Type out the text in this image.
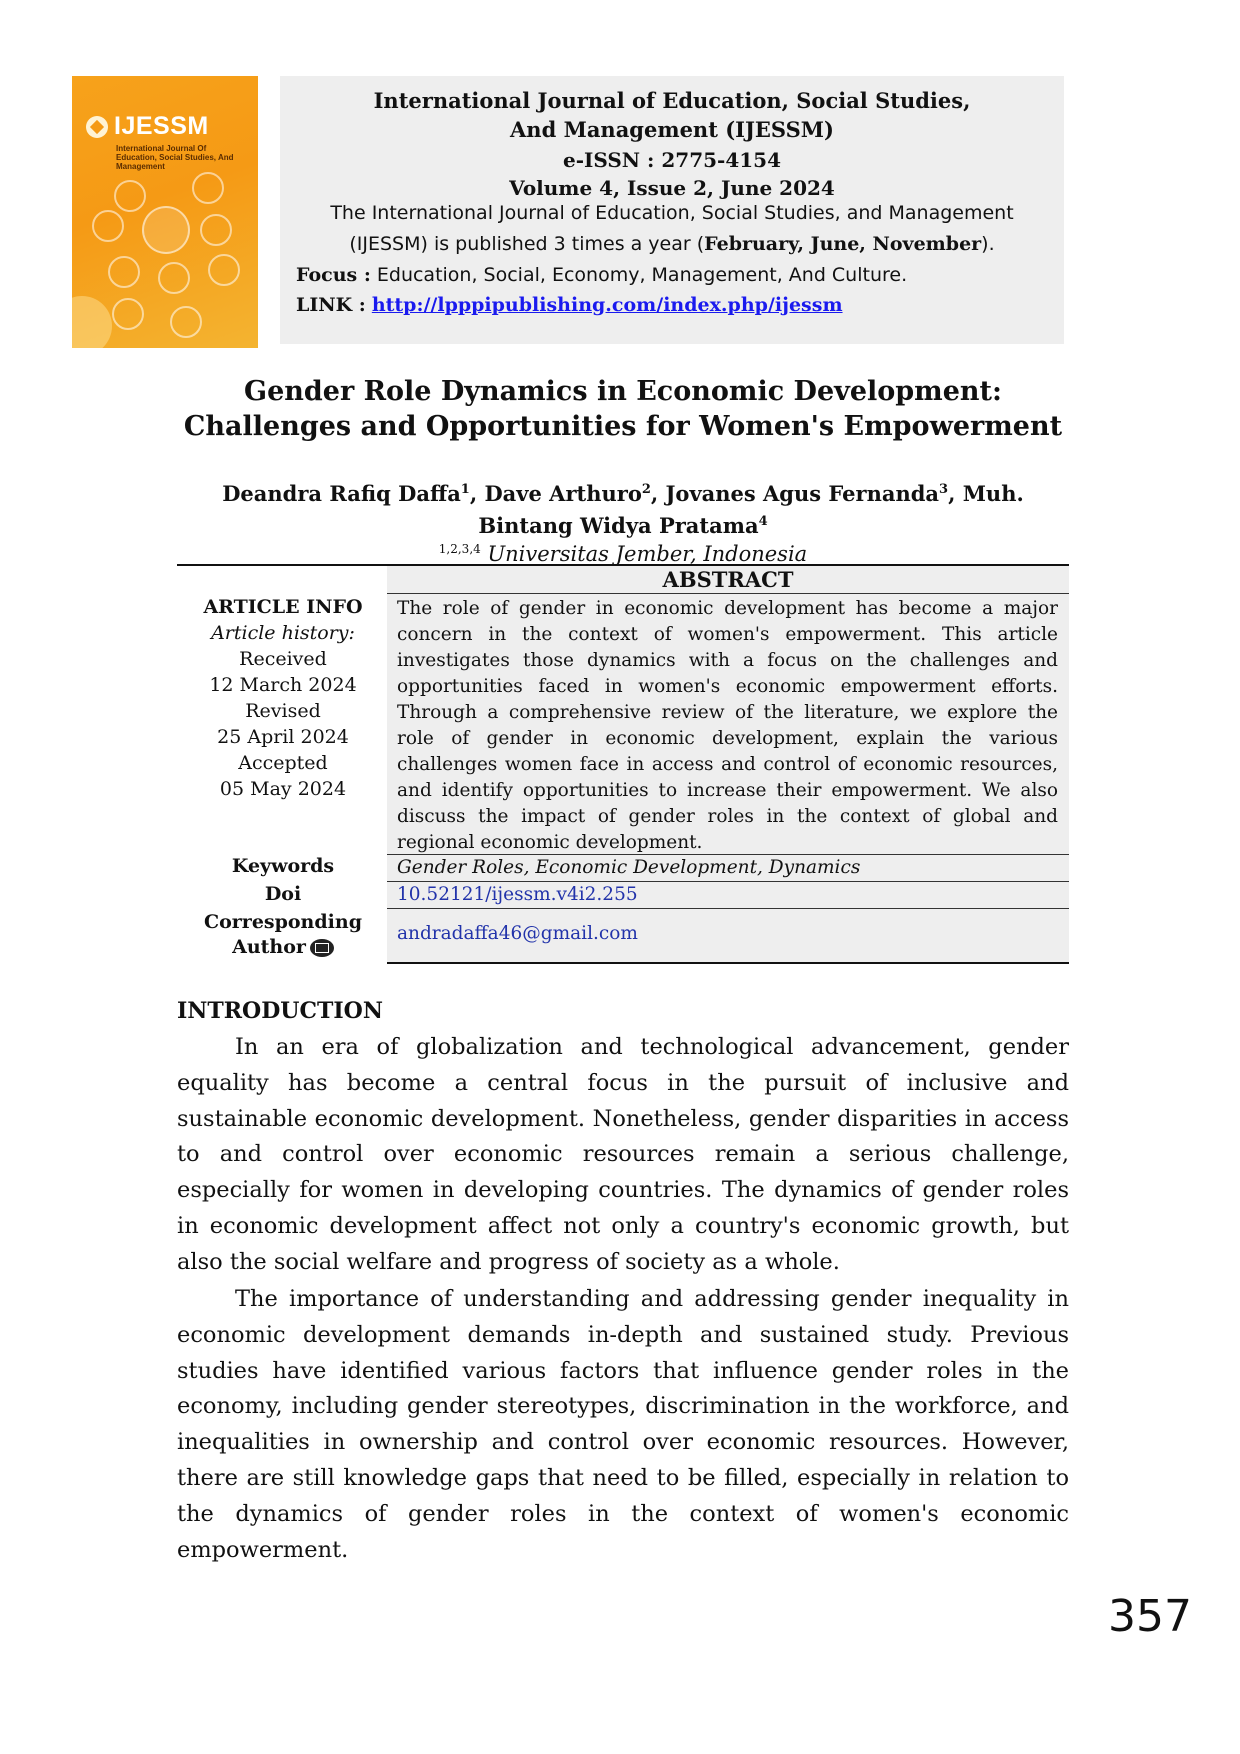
IJESSM
International Journal Of Education, Social Studies, And Management
International Journal of Education, Social Studies,
And Management (IJESSM)
e-ISSN : 2775-4154
Volume 4, Issue 2, June 2024
The International Journal of Education, Social Studies, and Management (IJESSM) is published 3 times a year (February, June, November).
Focus : Education, Social, Economy, Management, And Culture.
LINK : http://lpppipublishing.com/index.php/ijessm
Gender Role Dynamics in Economic Development: Challenges and Opportunities for Women's Empowerment
Deandra Rafiq Daffa$^1$, Dave Arthuro$^2$, Jovanes Agus Fernanda$^3$, Muh. Bintang Widya Pratama$^4$
$^{1,2,3,4}$ Universitas Jember, Indonesia
ABSTRACT
The role of gender in economic development has become a major concern in the context of women's empowerment. This article investigates those dynamics with a focus on the challenges and opportunities faced in women's economic empowerment efforts. Through a comprehensive review of the literature, we explore the role of gender in economic development, explain the various challenges women face in access and control of economic resources, and identify opportunities to increase their empowerment. We also discuss the impact of gender roles in the context of global and regional economic development.
ARTICLE INFO
Article history:
Received
12 March 2024
Revised
25 April 2024
Accepted
05 May 2024
Keywords	Gender Roles, Economic Development, Dynamics
Doi	10.52121/ijessm.v4i2.255
Corresponding
Author
andradaffa46@gmail.com
INTRODUCTION
In an era of globalization and technological advancement, gender equality has become a central focus in the pursuit of inclusive and sustainable economic development. Nonetheless, gender disparities in access to and control over economic resources remain a serious challenge, especially for women in developing countries. The dynamics of gender roles in economic development affect not only a country's economic growth, but also the social welfare and progress of society as a whole.
The importance of understanding and addressing gender inequality in economic development demands in-depth and sustained study. Previous studies have identified various factors that influence gender roles in the economy, including gender stereotypes, discrimination in the workforce, and inequalities in ownership and control over economic resources. However, there are still knowledge gaps that need to be filled, especially in relation to the dynamics of gender roles in the context of women's economic empowerment.
357
